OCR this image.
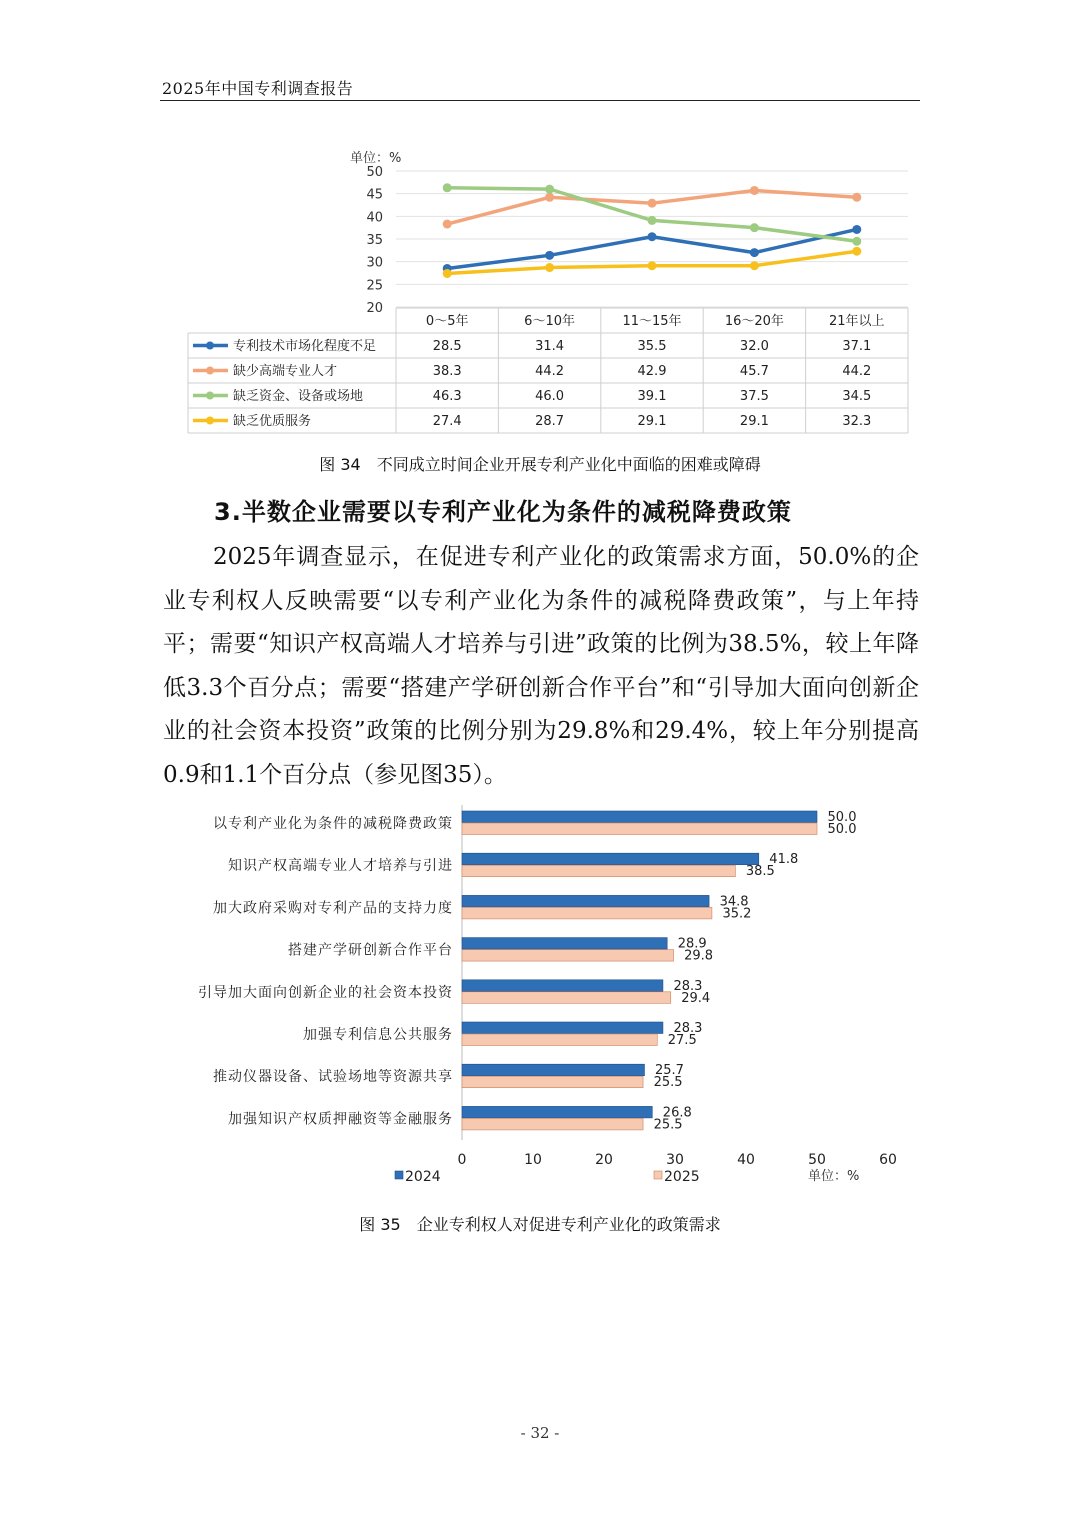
2025年中国专利调查报告
单位：%
20
25
30
35
40
45
50
0～5年	6～10年	11～15年	16～20年	21年以上
专利技术市场化程度不足	28.5	31.4	35.5	32.0	37.1
缺少高端专业人才	38.3	44.2	42.9	45.7	44.2
缺乏资金、设备或场地	46.3	46.0	39.1	37.5	34.5
缺乏优质服务	27.4	28.7	29.1	29.1	32.3
图 34　不同成立时间企业开展专利产业化中面临的困难或障碍
3.半数企业需要以专利产业化为条件的减税降费政策
2025年调查显示，在促进专利产业化的政策需求方面，50.0%的企业专利权人反映需要“以专利产业化为条件的减税降费政策”，与上年持平；需要“知识产权高端人才培养与引进”政策的比例为38.5%，较上年降低3.3个百分点；需要“搭建产学研创新合作平台”和“引导加大面向创新企业的社会资本投资”政策的比例分别为29.8%和29.4%，较上年分别提高0.9和1.1个百分点（参见图35）。
以专利产业化为条件的减税降费政策	50.0
50.0
知识产权高端专业人才培养与引进	41.8
38.5
加大政府采购对专利产品的支持力度	34.8
35.2
搭建产学研创新合作平台	28.9
29.8
引导加大面向创新企业的社会资本投资	28.3
29.4
加强专利信息公共服务	28.3
27.5
推动仪器设备、试验场地等资源共享	25.7
25.5
加强知识产权质押融资等金融服务	26.8
25.5
0	10	20	30	40	50	60
2024	2025	单位：%
图 35　企业专利权人对促进专利产业化的政策需求
- 32 -
